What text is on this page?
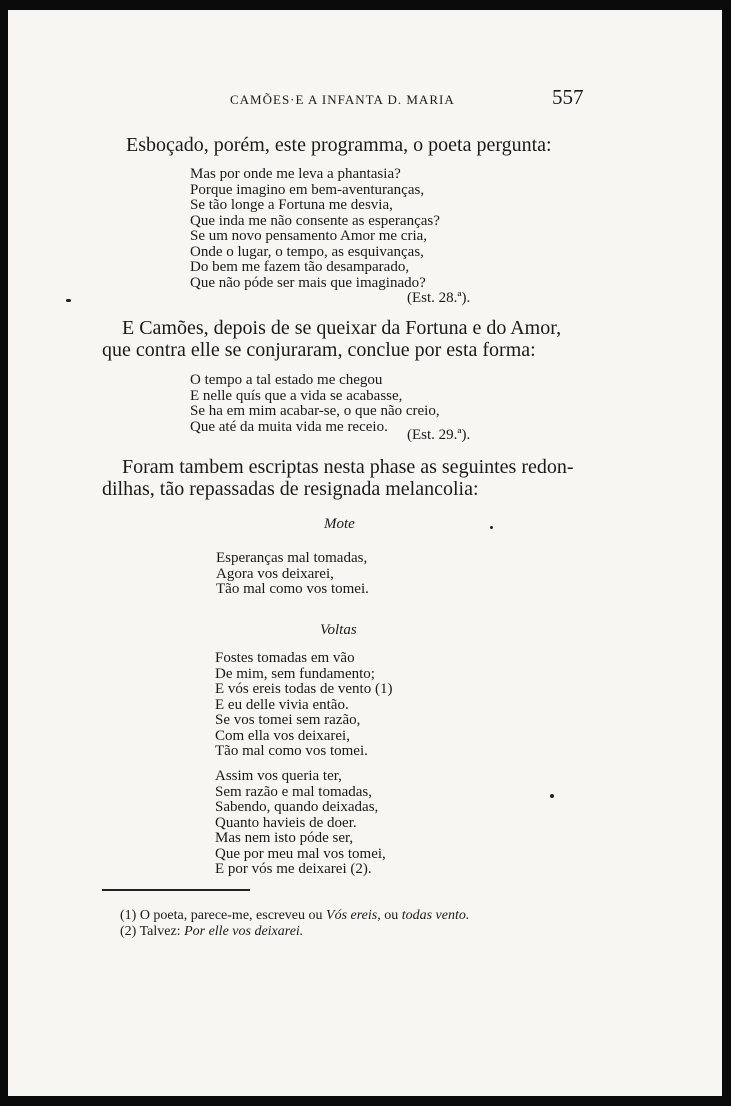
CAMÕES·E A INFANTA D. MARIA	557
Esboçado, porém, este programma, o poeta pergunta:
Mas por onde me leva a phantasia?
Porque imagino em bem-aventuranças,
Se tão longe a Fortuna me desvia,
Que inda me não consente as esperanças?
Se um novo pensamento Amor me cria,
Onde o lugar, o tempo, as esquivanças,
Do bem me fazem tão desamparado,
Que não póde ser mais que imaginado?
(Est. 28.ª).
E Camões, depois de se queixar da Fortuna e do Amor,
que contra elle se conjuraram, conclue por esta forma:
O tempo a tal estado me chegou
E nelle quís que a vida se acabasse,
Se ha em mim acabar-se, o que não creio,
Que até da muita vida me receio.
(Est. 29.ª).
Foram tambem escriptas nesta phase as seguintes redon-
dilhas, tão repassadas de resignada melancolia:
Mote
Esperanças mal tomadas,
Agora vos deixarei,
Tão mal como vos tomei.
Voltas
Fostes tomadas em vão
De mim, sem fundamento;
E vós ereis todas de vento (1)
E eu delle vivia então.
Se vos tomei sem razão,
Com ella vos deixarei,
Tão mal como vos tomei.
Assim vos queria ter,
Sem razão e mal tomadas,
Sabendo, quando deixadas,
Quanto havieis de doer.
Mas nem isto póde ser,
Que por meu mal vos tomei,
E por vós me deixarei (2).
(1) O poeta, parece-me, escreveu ou Vós ereis, ou todas vento.
(2) Talvez: Por elle vos deixarei.
